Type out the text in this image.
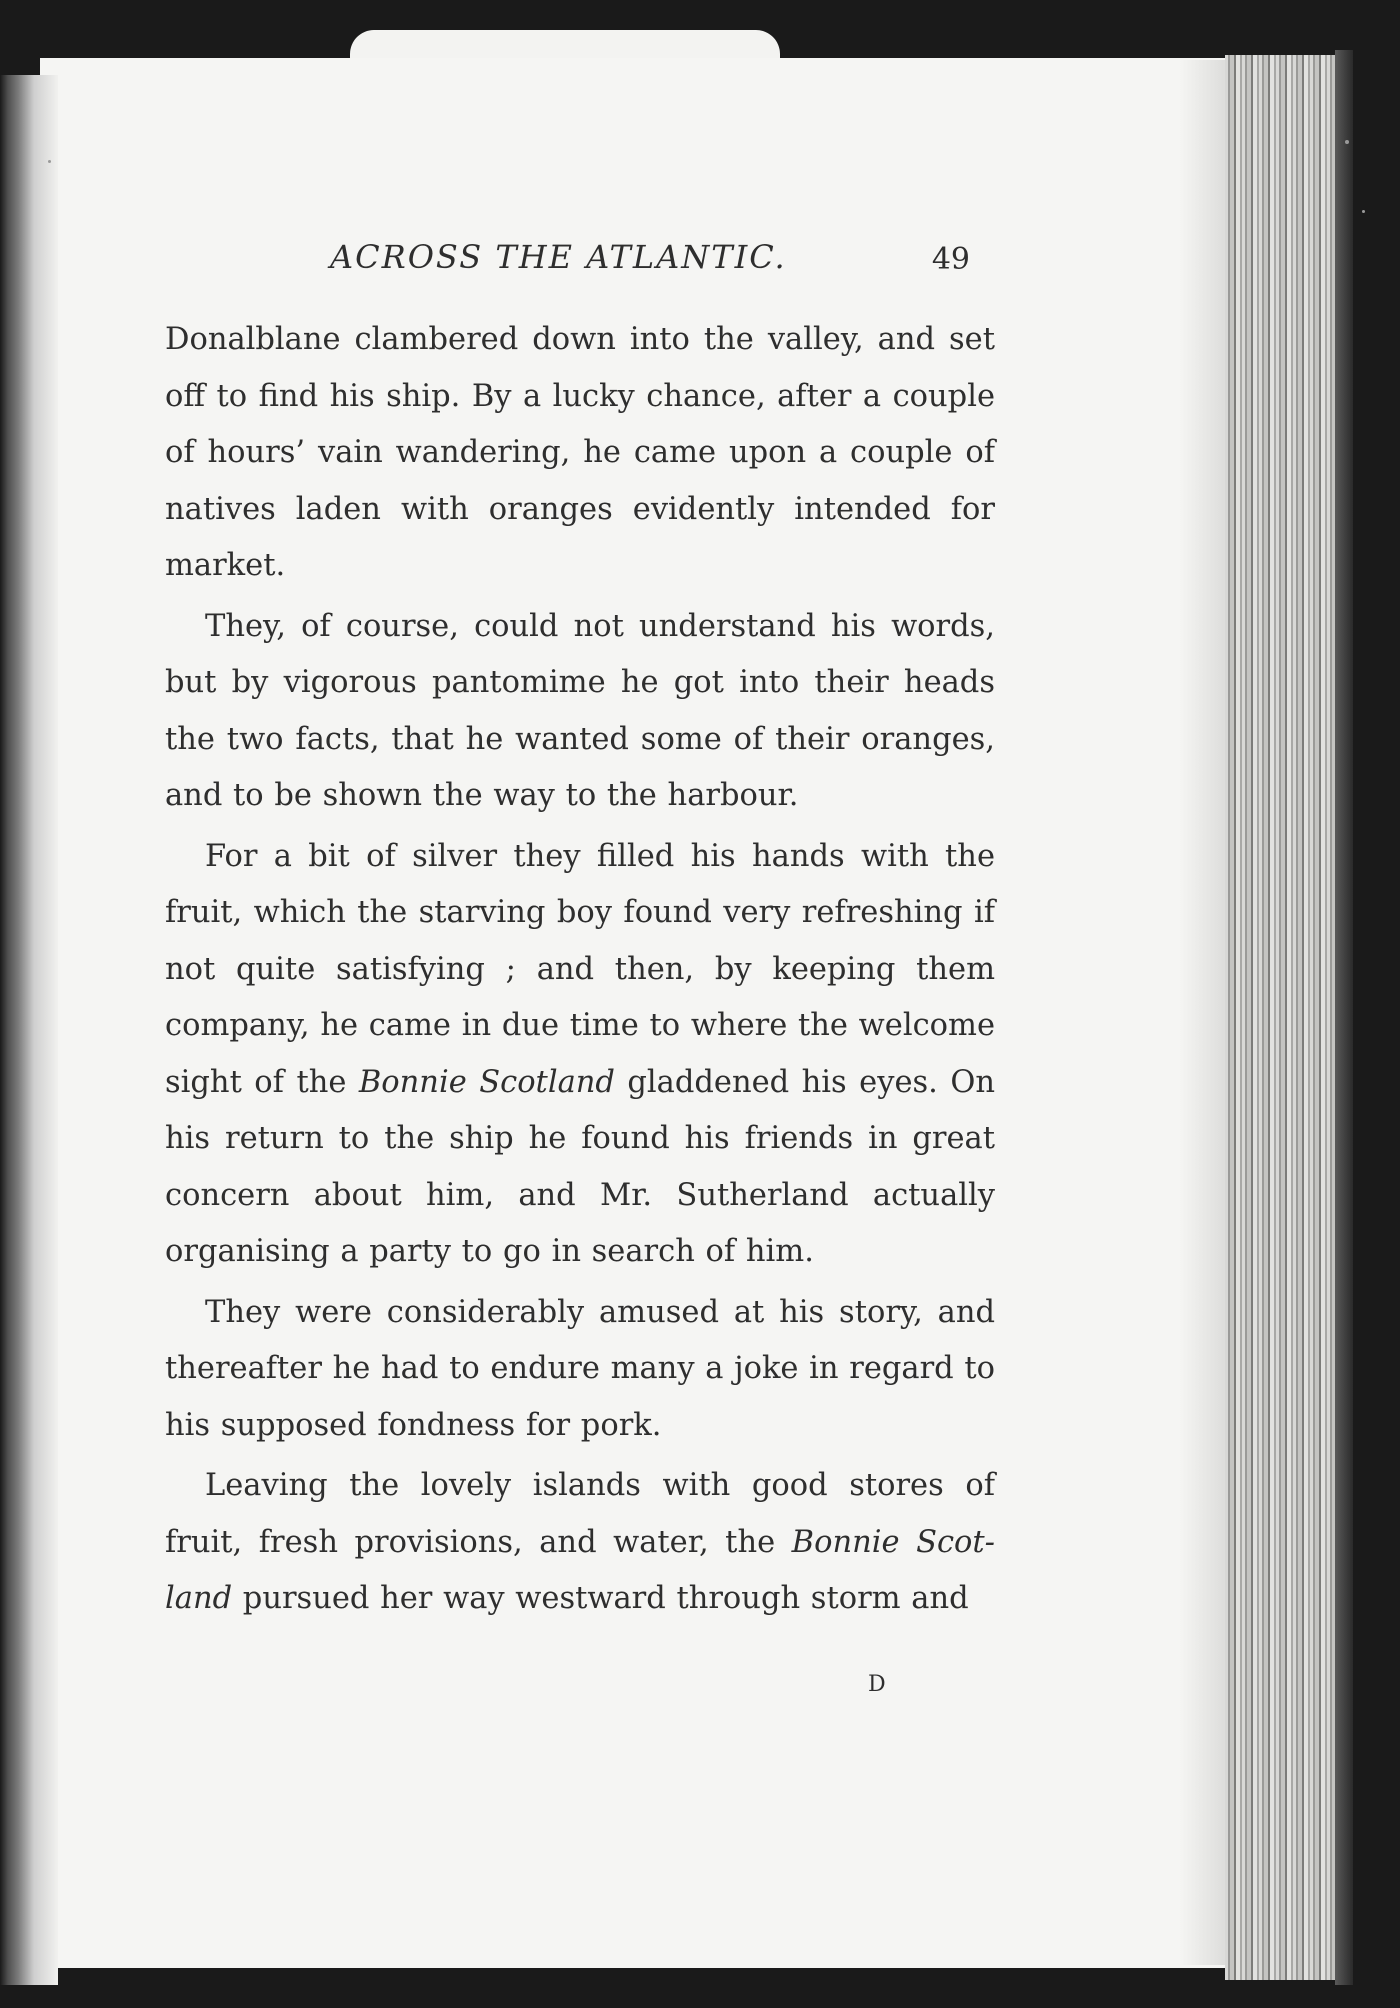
ACROSS THE ATLANTIC.	49

Donalblane clambered down into the valley, and set off to find his ship. By a lucky chance, after a couple of hours’ vain wandering, he came upon a couple of natives laden with oranges evidently intended for market.

They, of course, could not understand his words, but by vigorous pantomime he got into their heads the two facts, that he wanted some of their oranges, and to be shown the way to the harbour.

For a bit of silver they filled his hands with the fruit, which the starving boy found very refreshing if not quite satisfying ; and then, by keeping them company, he came in due time to where the welcome sight of the Bonnie Scotland gladdened his eyes. On his return to the ship he found his friends in great concern about him, and Mr. Sutherland actually organising a party to go in search of him.

They were considerably amused at his story, and thereafter he had to endure many a joke in regard to his supposed fondness for pork.

Leaving the lovely islands with good stores of fruit, fresh provisions, and water, the Bonnie Scotland pursued her way westward through storm and

D
